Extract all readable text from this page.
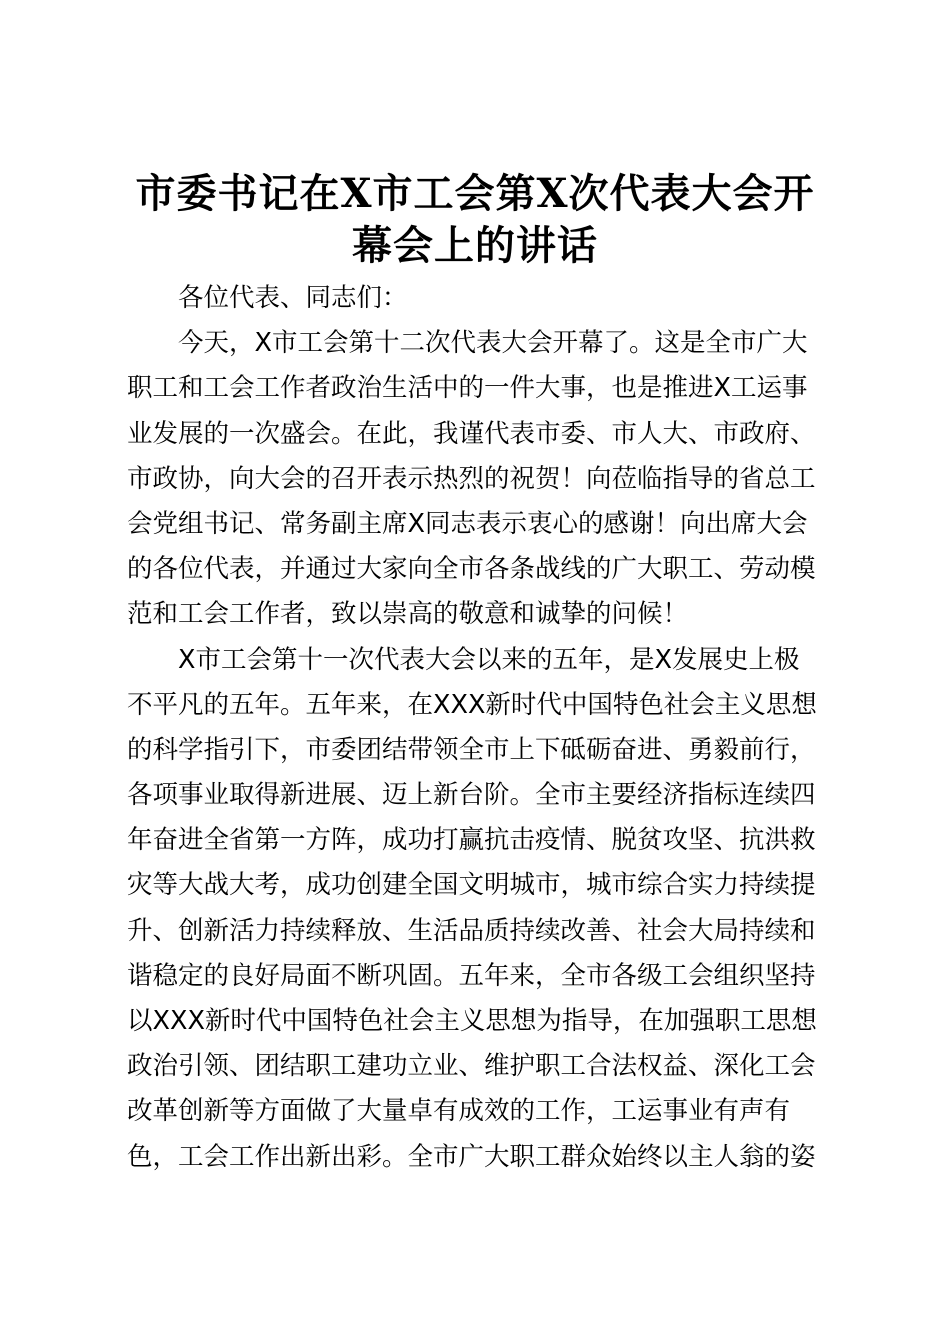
市委书记在X市工会第X次代表大会开
幕会上的讲话
各位代表、同志们：
今天，X市工会第十二次代表大会开幕了。这是全市广大
职工和工会工作者政治生活中的一件大事，也是推进X工运事
业发展的一次盛会。在此，我谨代表市委、市人大、市政府、
市政协，向大会的召开表示热烈的祝贺！向莅临指导的省总工
会党组书记、常务副主席X同志表示衷心的感谢！向出席大会
的各位代表，并通过大家向全市各条战线的广大职工、劳动模
范和工会工作者，致以崇高的敬意和诚挚的问候！
X市工会第十一次代表大会以来的五年，是X发展史上极
不平凡的五年。五年来，在XXX新时代中国特色社会主义思想
的科学指引下，市委团结带领全市上下砥砺奋进、勇毅前行，
各项事业取得新进展、迈上新台阶。全市主要经济指标连续四
年奋进全省第一方阵，成功打赢抗击疫情、脱贫攻坚、抗洪救
灾等大战大考，成功创建全国文明城市，城市综合实力持续提
升、创新活力持续释放、生活品质持续改善、社会大局持续和
谐稳定的良好局面不断巩固。五年来，全市各级工会组织坚持
以XXX新时代中国特色社会主义思想为指导，在加强职工思想
政治引领、团结职工建功立业、维护职工合法权益、深化工会
改革创新等方面做了大量卓有成效的工作，工运事业有声有
色，工会工作出新出彩。全市广大职工群众始终以主人翁的姿
